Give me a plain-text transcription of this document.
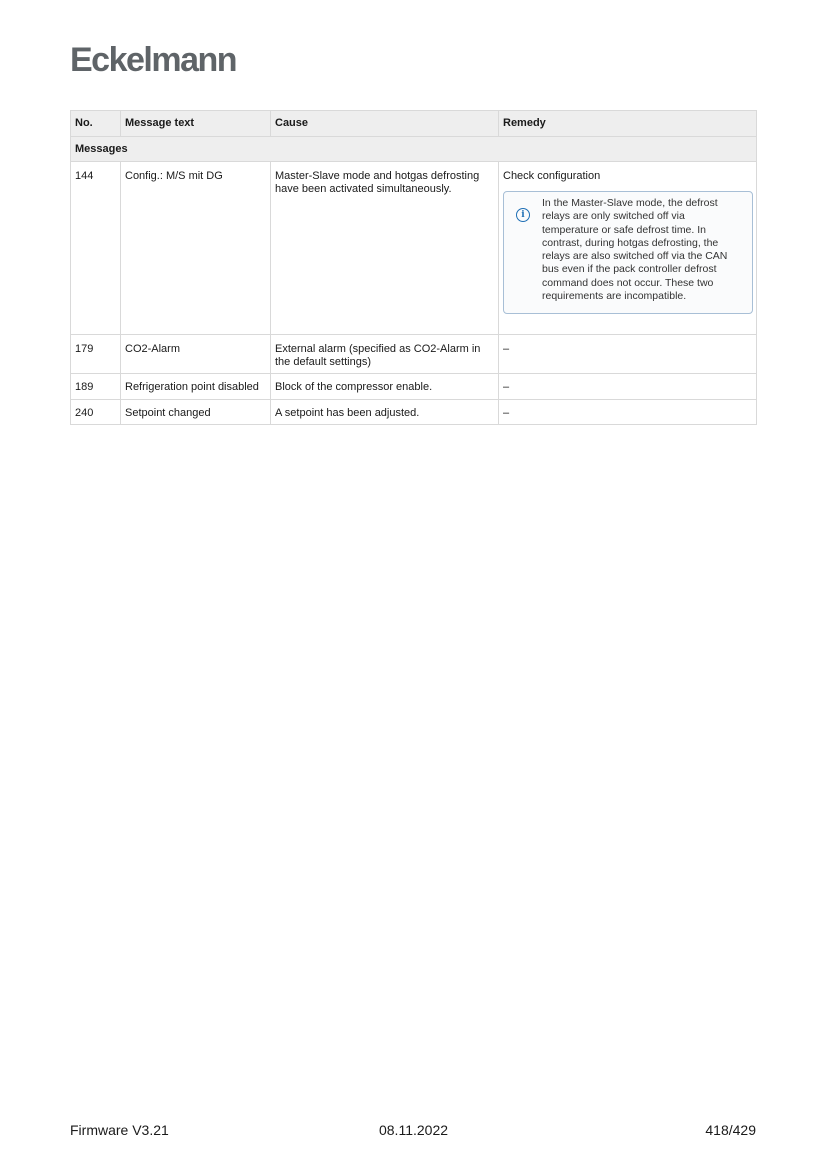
Eckelmann
No.	Message text	Cause	Remedy
Messages			
144	Config.: M/S mit DG	Master-Slave mode and hotgas defrosting have been activated simultaneously.	Check configuration
i
In the Master-Slave mode, the defrost relays are only switched off via temperature or safe defrost time. In contrast, during hotgas defrosting, the relays are also switched off via the CAN bus even if the pack controller defrost command does not occur. These two requirements are incompatible.

179	CO2-Alarm	External alarm (specified as CO2-Alarm in the default settings)	–
189	Refrigeration point disabled	Block of the compressor enable.	–
240	Setpoint changed	A setpoint has been adjusted.	–
Firmware V3.21	08.11.2022	418/429
